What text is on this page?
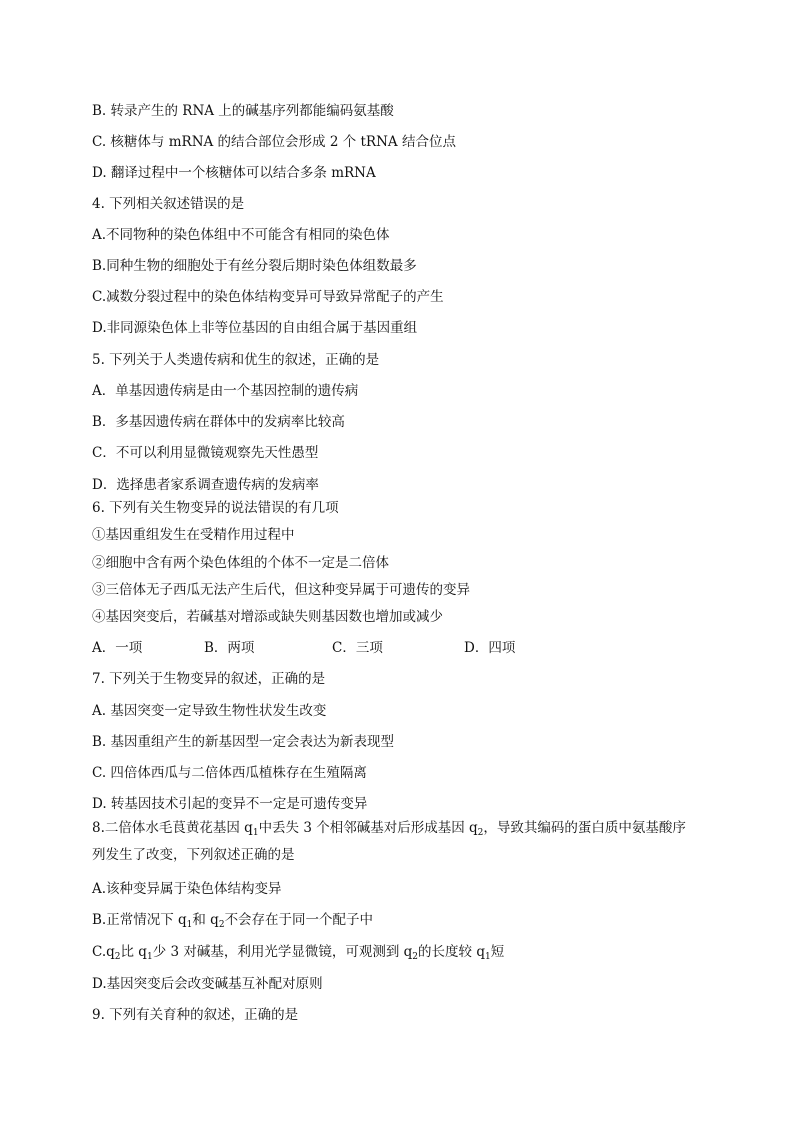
B. 转录产生的 RNA 上的碱基序列都能编码氨基酸
C. 核糖体与 mRNA 的结合部位会形成 2 个 tRNA 结合位点
D. 翻译过程中一个核糖体可以结合多条 mRNA
4. 下列相关叙述错误的是
A.不同物种的染色体组中不可能含有相同的染色体
B.同种生物的细胞处于有丝分裂后期时染色体组数最多
C.减数分裂过程中的染色体结构变异可导致异常配子的产生
D.非同源染色体上非等位基因的自由组合属于基因重组
5. 下列关于人类遗传病和优生的叙述，正确的是
A．单基因遗传病是由一个基因控制的遗传病
B．多基因遗传病在群体中的发病率比较高
C．不可以利用显微镜观察先天性愚型
D．选择患者家系调查遗传病的发病率
6. 下列有关生物变异的说法错误的有几项
①基因重组发生在受精作用过程中
②细胞中含有两个染色体组的个体不一定是二倍体
③三倍体无子西瓜无法产生后代，但这种变异属于可遗传的变异
④基因突变后，若碱基对增添或缺失则基因数也增加或减少
A．一项	B．两项	C．三项	D．四项
7. 下列关于生物变异的叙述，正确的是
A. 基因突变一定导致生物性状发生改变
B. 基因重组产生的新基因型一定会表达为新表现型
C. 四倍体西瓜与二倍体西瓜植株存在生殖隔离
D. 转基因技术引起的变异不一定是可遗传变异
8.二倍体水毛茛黄花基因 $q_1$中丢失 3 个相邻碱基对后形成基因 $q_2$，导致其编码的蛋白质中氨基酸序
列发生了改变，下列叙述正确的是
A.该种变异属于染色体结构变异
B.正常情况下 $q_1$和 $q_2$不会存在于同一个配子中
$C.q_2$比 $q_1$少 3 对碱基，利用光学显微镜，可观测到 $q_2$的长度较 $q_1$短
D.基因突变后会改变碱基互补配对原则
9. 下列有关育种的叙述，正确的是
